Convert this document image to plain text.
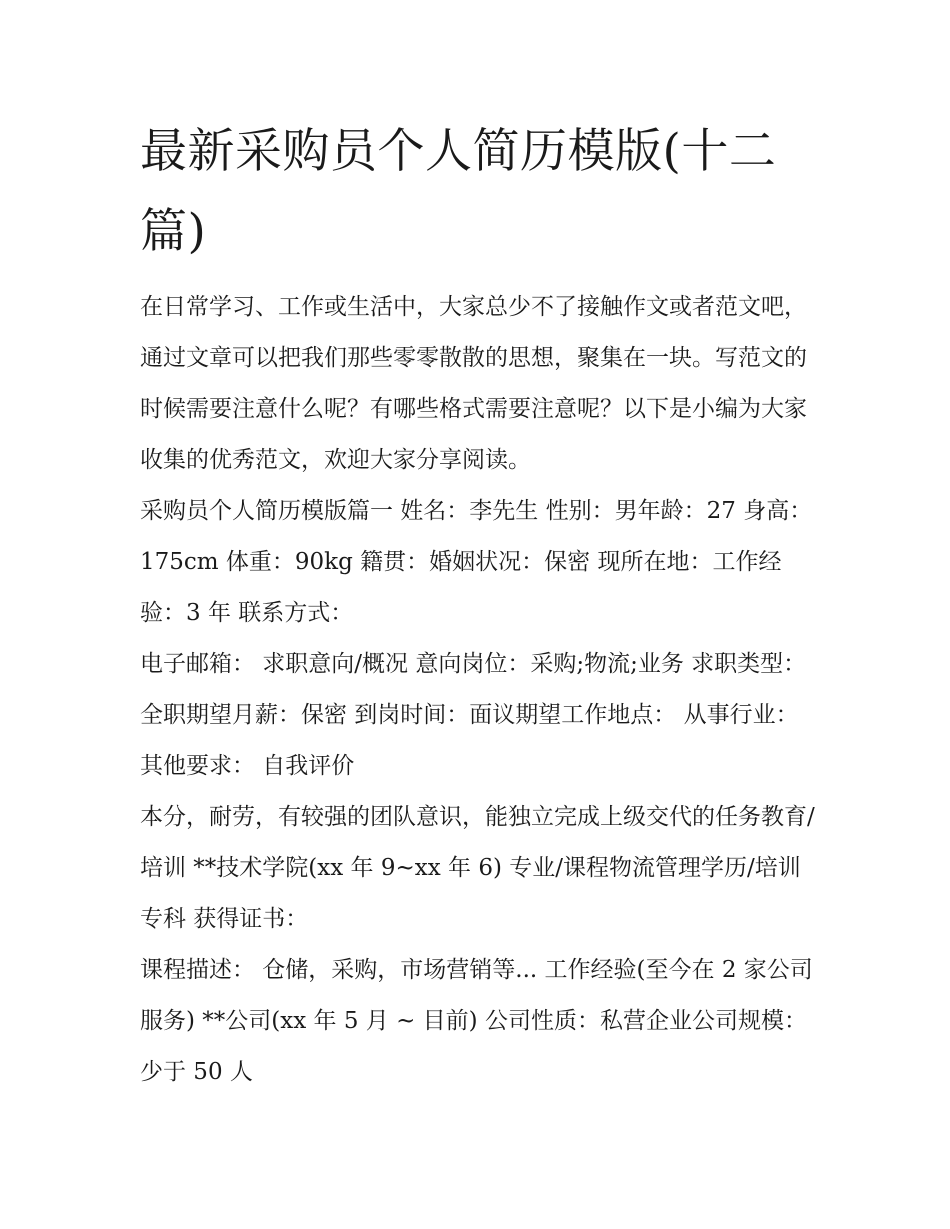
最新采购员个人简历模版(十二篇)

在日常学习、工作或生活中，大家总少不了接触作文或者范文吧，通过文章可以把我们那些零零散散的思想，聚集在一块。写范文的时候需要注意什么呢？有哪些格式需要注意呢？以下是小编为大家收集的优秀范文，欢迎大家分享阅读。

采购员个人简历模版篇一 姓名：李先生 性别：男年龄：27 身高：175cm 体重：90kg 籍贯：婚姻状况：保密 现所在地：工作经验：3 年 联系方式：

电子邮箱： 求职意向/概况 意向岗位：采购;物流;业务 求职类型：全职期望月薪：保密 到岗时间：面议期望工作地点： 从事行业： 其他要求： 自我评价

本分，耐劳，有较强的团队意识，能独立完成上级交代的任务教育/培训 **技术学院(xx 年 9~xx 年 6) 专业/课程物流管理学历/培训专科 获得证书：

课程描述： 仓储，采购，市场营销等... 工作经验(至今在 2 家公司服务) **公司(xx 年 5 月 ~ 目前) 公司性质：私营企业公司规模：少于 50 人
